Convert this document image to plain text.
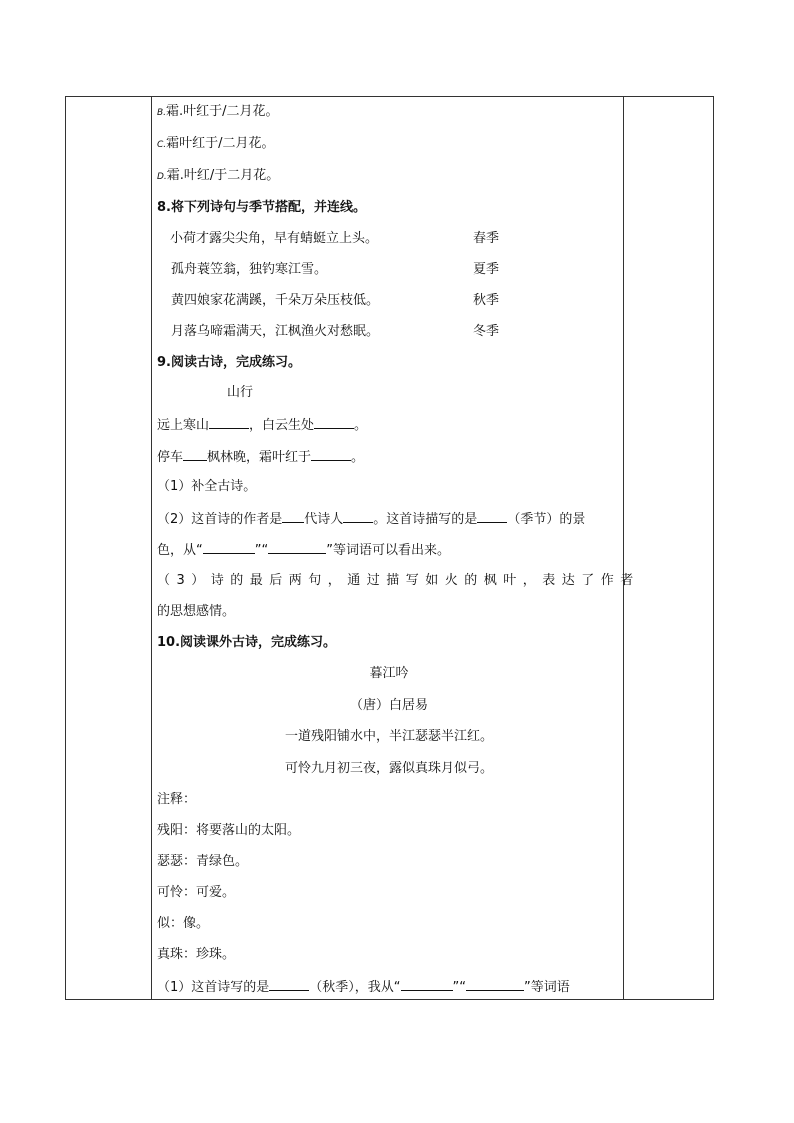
B.霜.叶红于/二月花。
C.霜叶红于/二月花。
D.霜.叶红/于二月花。
8.将下列诗句与季节搭配，并连线。
小荷才露尖尖角，早有蜻蜓立上头。	春季
孤舟蓑笠翁，独钓寒江雪。	夏季
黄四娘家花满蹊，千朵万朵压枝低。	秋季
月落乌啼霜满天，江枫渔火对愁眠。	冬季
9.阅读古诗，完成练习。
山行
远上寒山	，白云生处	。
停车 枫林晚，霜叶红于	。
（1）补全古诗。
（2）这首诗的作者是 代诗人 。这首诗描写的是 （季节）的景
色，从“	”“	”等词语可以看出来。
（3）诗的最后两句，通过描写如火的枫叶，表达了作者
的思想感情。
10.阅读课外古诗，完成练习。
暮江吟
（唐）白居易
一道残阳铺水中，半江瑟瑟半江红。
可怜九月初三夜，露似真珠月似弓。
注释：
残阳：将要落山的太阳。
瑟瑟：青绿色。
可怜：可爱。
似：像。
真珠：珍珠。
（1）这首诗写的是	（秋季），我从“	”“	”等词语
